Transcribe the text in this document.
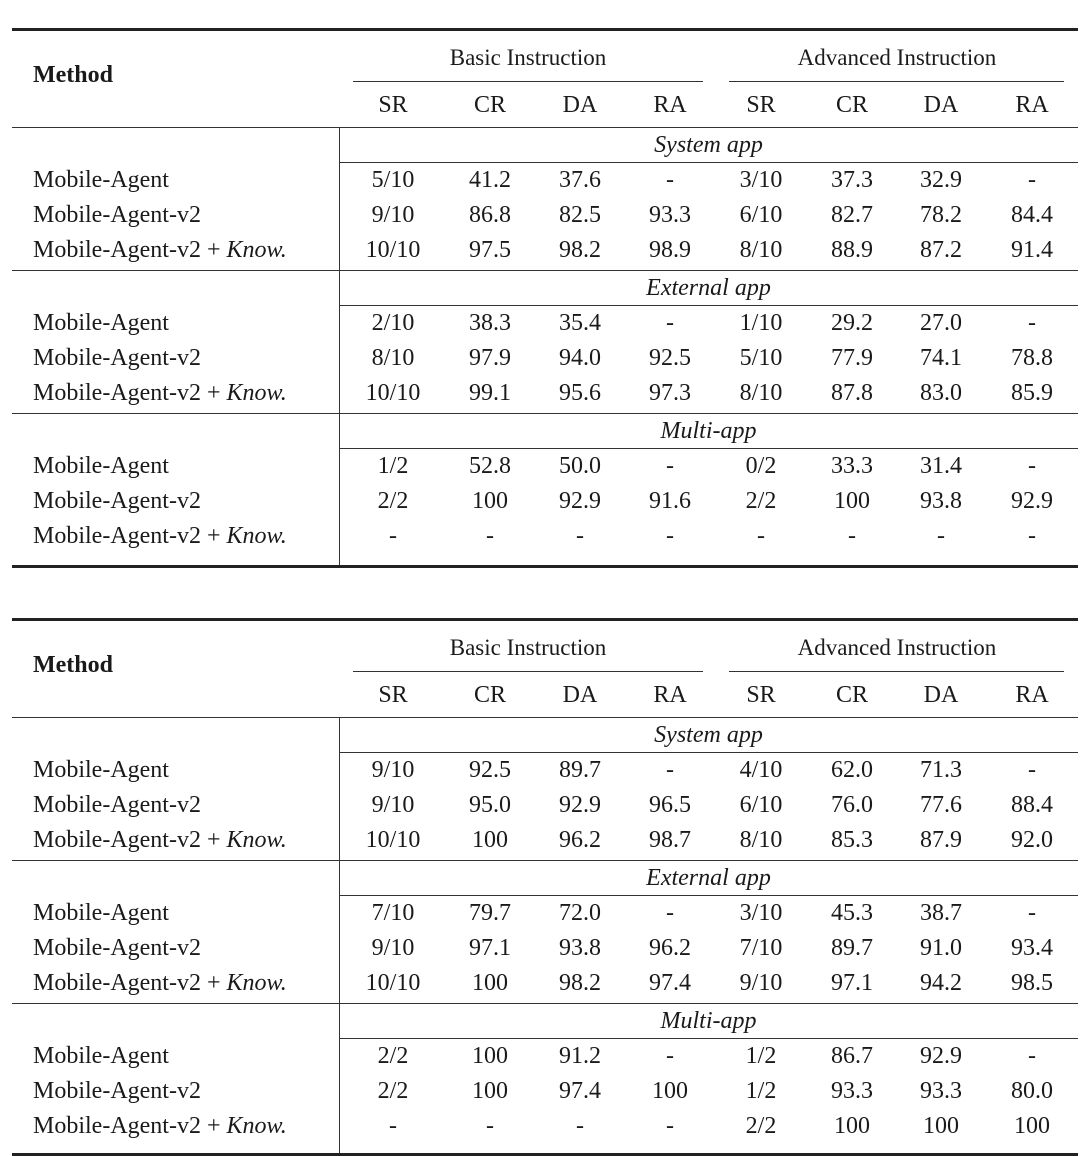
Method
Basic Instruction	Advanced Instruction
SR	CR	DA	RA	SR	CR	DA	RA
System app
Mobile-Agent	5/10	41.2	37.6	-	3/10	37.3	32.9	-
Mobile-Agent-v2	9/10	86.8	82.5	93.3	6/10	82.7	78.2	84.4
Mobile-Agent-v2 + Know.	10/10	97.5	98.2	98.9	8/10	88.9	87.2	91.4
External app
Mobile-Agent	2/10	38.3	35.4	-	1/10	29.2	27.0	-
Mobile-Agent-v2	8/10	97.9	94.0	92.5	5/10	77.9	74.1	78.8
Mobile-Agent-v2 + Know.	10/10	99.1	95.6	97.3	8/10	87.8	83.0	85.9
Multi-app
Mobile-Agent	1/2	52.8	50.0	-	0/2	33.3	31.4	-
Mobile-Agent-v2	2/2	100	92.9	91.6	2/2	100	93.8	92.9
Mobile-Agent-v2 + Know.	-	-	-	-	-	-	-	-
Method
Basic Instruction	Advanced Instruction
SR	CR	DA	RA	SR	CR	DA	RA
System app
Mobile-Agent	9/10	92.5	89.7	-	4/10	62.0	71.3	-
Mobile-Agent-v2	9/10	95.0	92.9	96.5	6/10	76.0	77.6	88.4
Mobile-Agent-v2 + Know.	10/10	100	96.2	98.7	8/10	85.3	87.9	92.0
External app
Mobile-Agent	7/10	79.7	72.0	-	3/10	45.3	38.7	-
Mobile-Agent-v2	9/10	97.1	93.8	96.2	7/10	89.7	91.0	93.4
Mobile-Agent-v2 + Know.	10/10	100	98.2	97.4	9/10	97.1	94.2	98.5
Multi-app
Mobile-Agent	2/2	100	91.2	-	1/2	86.7	92.9	-
Mobile-Agent-v2	2/2	100	97.4	100	1/2	93.3	93.3	80.0
Mobile-Agent-v2 + Know.	-	-	-	-	2/2	100	100	100
